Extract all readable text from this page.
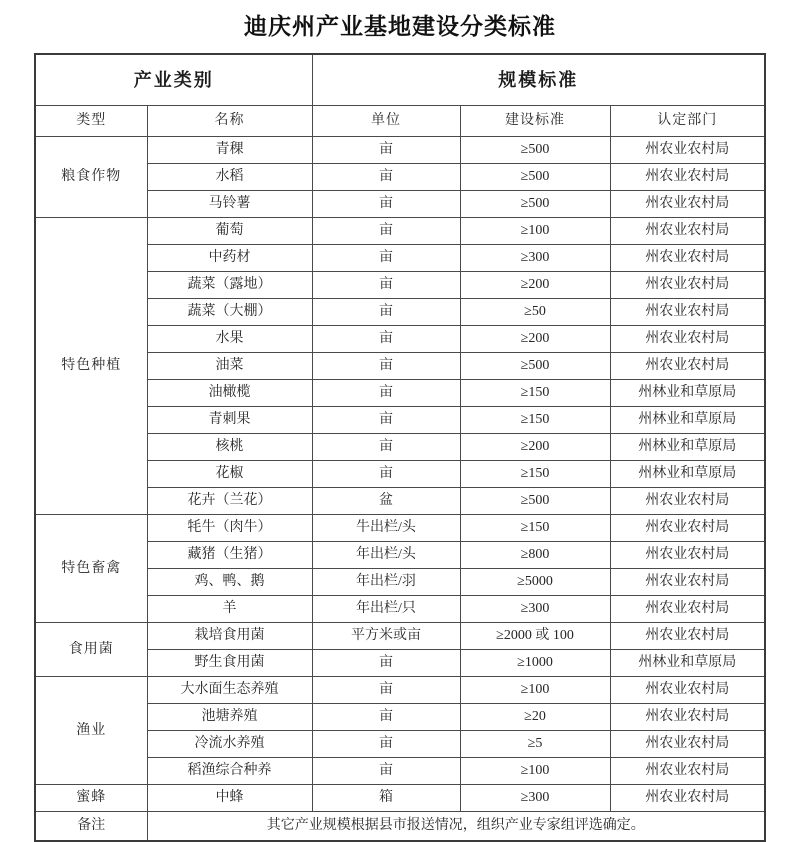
迪庆州产业基地建设分类标准
产业类别		规模标准		
类型	名称	单位	建设标准	认定部门
粮食作物	青稞	亩	≥500	州农业农村局
	水稻	亩	≥500	州农业农村局
	马铃薯	亩	≥500	州农业农村局
特色种植	葡萄	亩	≥100	州农业农村局
	中药材	亩	≥300	州农业农村局
	蔬菜（露地）	亩	≥200	州农业农村局
	蔬菜（大棚）	亩	≥50	州农业农村局
	水果	亩	≥200	州农业农村局
	油菜	亩	≥500	州农业农村局
	油橄榄	亩	≥150	州林业和草原局
	青刺果	亩	≥150	州林业和草原局
	核桃	亩	≥200	州林业和草原局
	花椒	亩	≥150	州林业和草原局
	花卉（兰花）	盆	≥500	州农业农村局
特色畜禽	牦牛（肉牛）	牛出栏/头	≥150	州农业农村局
	藏猪（生猪）	年出栏/头	≥800	州农业农村局
	鸡、鸭、鹅	年出栏/羽	≥5000	州农业农村局
	羊	年出栏/只	≥300	州农业农村局
食用菌	栽培食用菌	平方米或亩	≥2000 或 100	州农业农村局
	野生食用菌	亩	≥1000	州林业和草原局
渔业	大水面生态养殖	亩	≥100	州农业农村局
	池塘养殖	亩	≥20	州农业农村局
	冷流水养殖	亩	≥5	州农业农村局
	稻渔综合种养	亩	≥100	州农业农村局
蜜蜂	中蜂	箱	≥300	州农业农村局
备注	其它产业规模根据县市报送情况，组织产业专家组评选确定。			
